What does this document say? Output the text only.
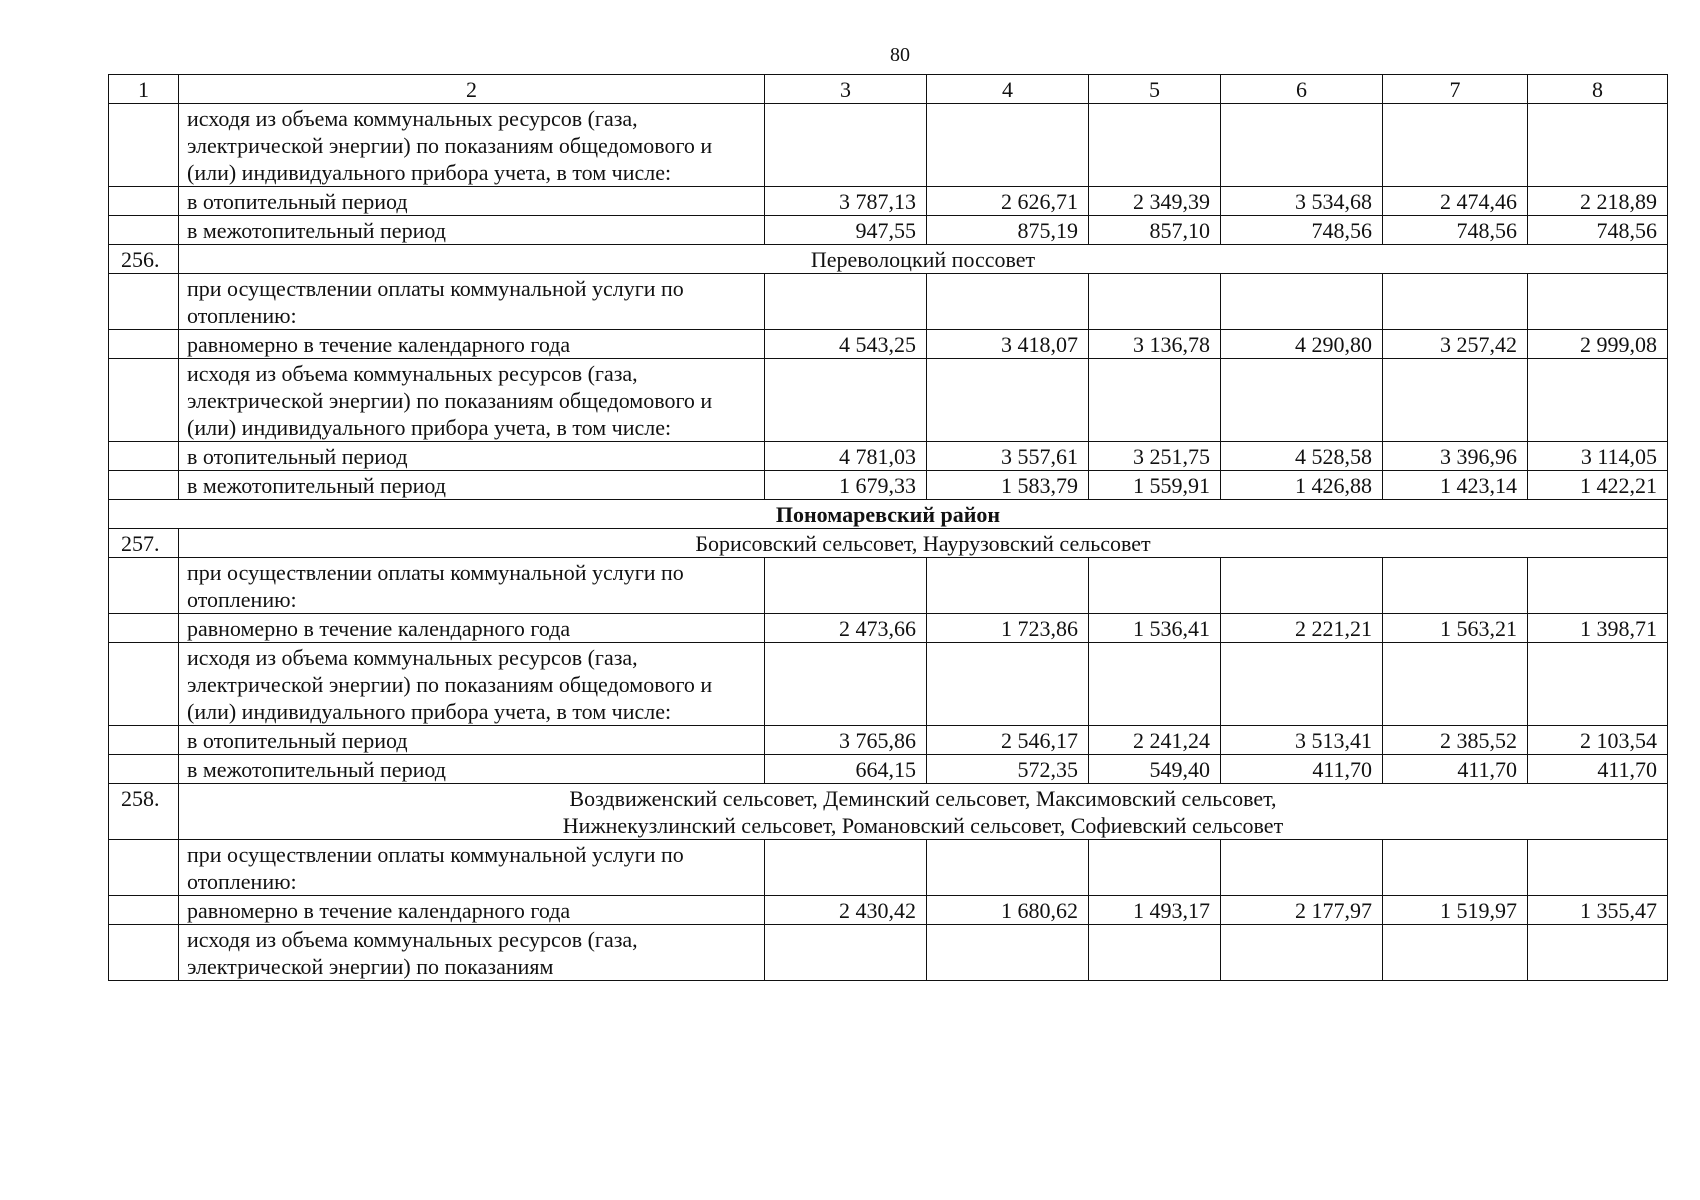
80
1	2	3	4	5	6	7	8
	исходя из объема коммунальных ресурсов (газа, электрической энергии) по показаниям общедомового и (или) индивидуального прибора учета, в том числе:						
	в отопительный период	3 787,13	2 626,71	2 349,39	3 534,68	2 474,46	2 218,89
	в межотопительный период	947,55	875,19	857,10	748,56	748,56	748,56
256.	Переволоцкий поссовет						

	при осуществлении оплаты коммунальной услуги по отоплению:						
	равномерно в течение календарного года	4 543,25	3 418,07	3 136,78	4 290,80	3 257,42	2 999,08
	исходя из объема коммунальных ресурсов (газа, электрической энергии) по показаниям общедомового и (или) индивидуального прибора учета, в том числе:						
	в отопительный период	4 781,03	3 557,61	3 251,75	4 528,58	3 396,96	3 114,05
	в межотопительный период	1 679,33	1 583,79	1 559,91	1 426,88	1 423,14	1 422,21
Пономаревский район							
257.	Борисовский сельсовет, Наурузовский сельсовет						

	при осуществлении оплаты коммунальной услуги по отоплению:						
	равномерно в течение календарного года	2 473,66	1 723,86	1 536,41	2 221,21	1 563,21	1 398,71
	исходя из объема коммунальных ресурсов (газа, электрической энергии) по показаниям общедомового и (или) индивидуального прибора учета, в том числе:						
	в отопительный период	3 765,86	2 546,17	2 241,24	3 513,41	2 385,52	2 103,54
	в межотопительный период	664,15	572,35	549,40	411,70	411,70	411,70
258.	Воздвиженский сельсовет, Деминский сельсовет, Максимовский сельсовет,
Нижнекузлинский сельсовет, Романовский сельсовет, Софиевский сельсовет						

	при осуществлении оплаты коммунальной услуги по отоплению:						
	равномерно в течение календарного года	2 430,42	1 680,62	1 493,17	2 177,97	1 519,97	1 355,47
	исходя из объема коммунальных ресурсов (газа, электрической энергии) по показаниям						
